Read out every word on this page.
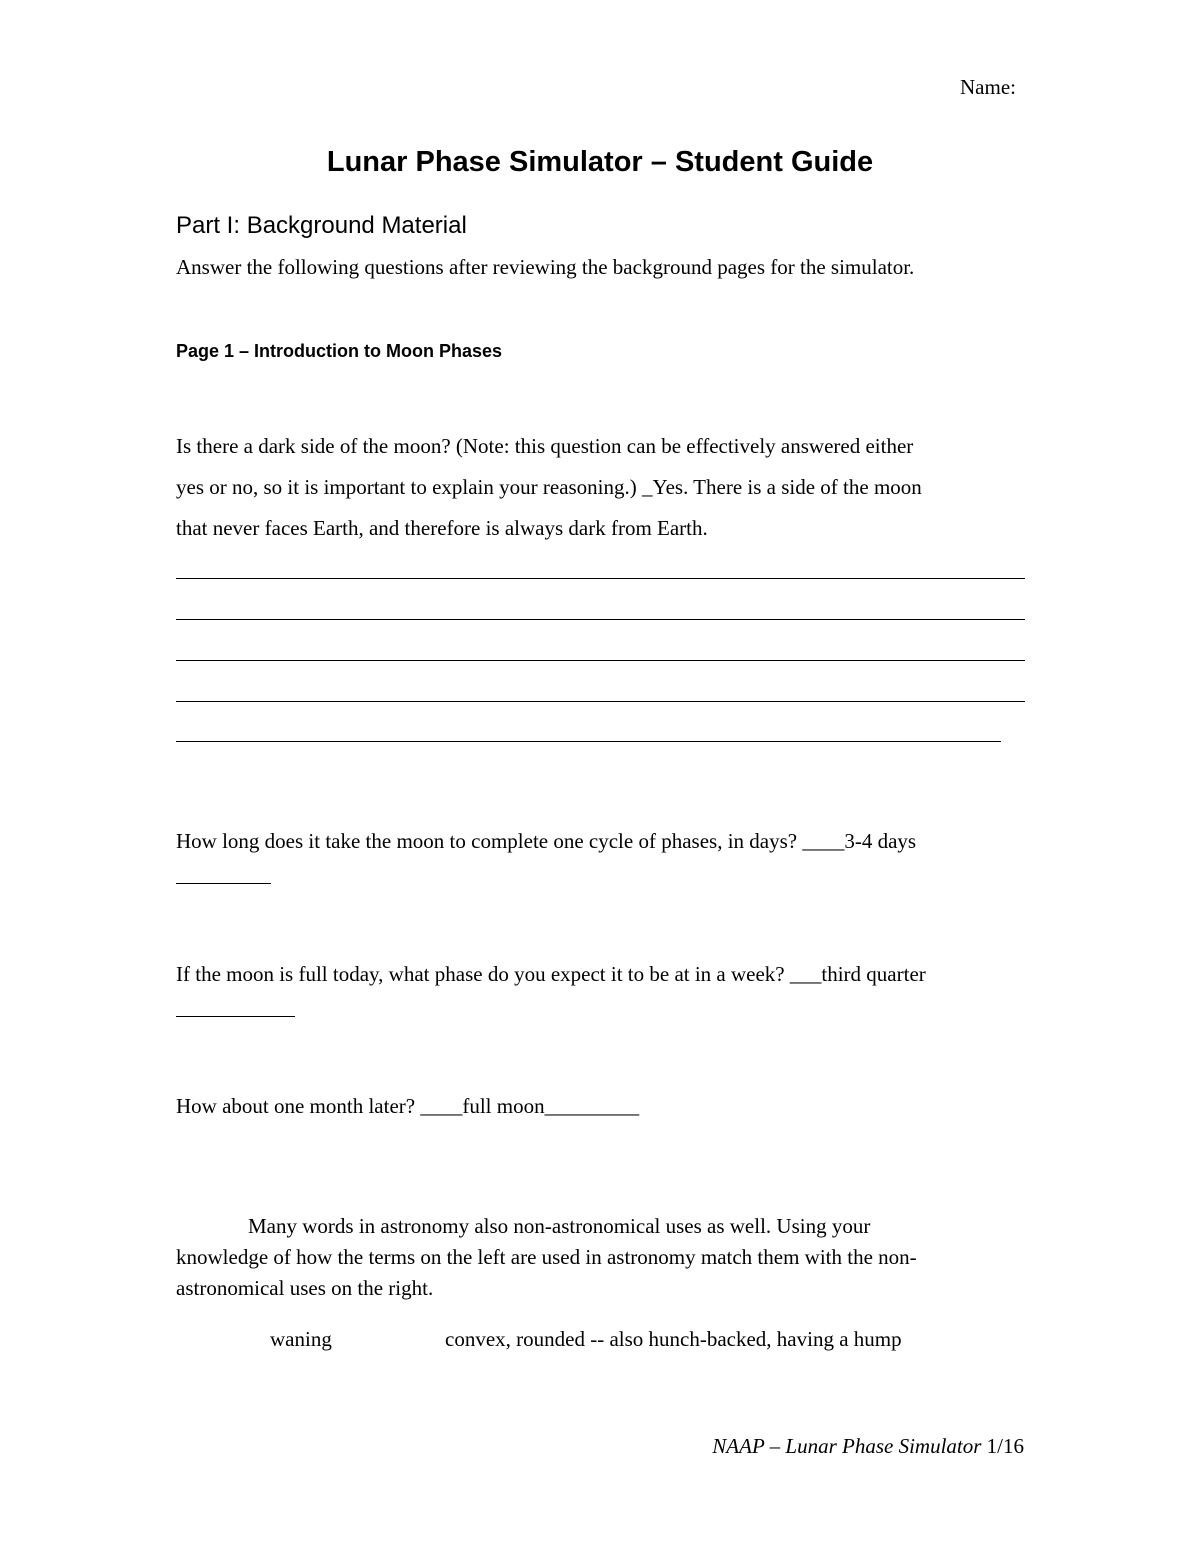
Name:
Lunar Phase Simulator – Student Guide
Part I: Background Material
Answer the following questions after reviewing the background pages for the simulator.
Page 1 – Introduction to Moon Phases
Is there a dark side of the moon? (Note: this question can be effectively answered either
yes or no, so it is important to explain your reasoning.) _Yes. There is a side of the moon
that never faces Earth, and therefore is always dark from Earth.
How long does it take the moon to complete one cycle of phases, in days? ____3-4 days
If the moon is full today, what phase do you expect it to be at in a week? ___third quarter
How about one month later? ____full moon_________
Many words in astronomy also non-astronomical uses as well. Using your
knowledge of how the terms on the left are used in astronomy match them with the non-
astronomical uses on the right.
waning	convex, rounded -- also hunch-backed, having a hump
NAAP – Lunar Phase Simulator 1/16
